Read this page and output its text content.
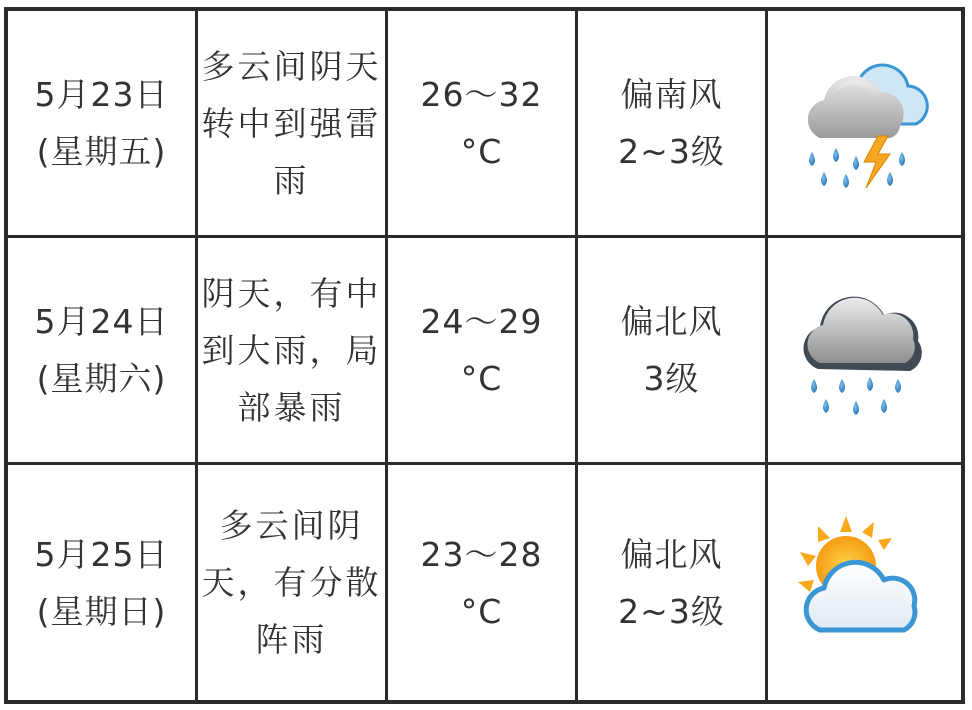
5月23日
(星期五)
多云间阴天
转中到强雷
雨
26～32
°C
偏南风
2~3级
5月24日
(星期六)
阴天，有中
到大雨，局
部暴雨
24～29
°C
偏北风
3级
5月25日
(星期日)
多云间阴
天，有分散
阵雨
23～28
°C
偏北风
2~3级
